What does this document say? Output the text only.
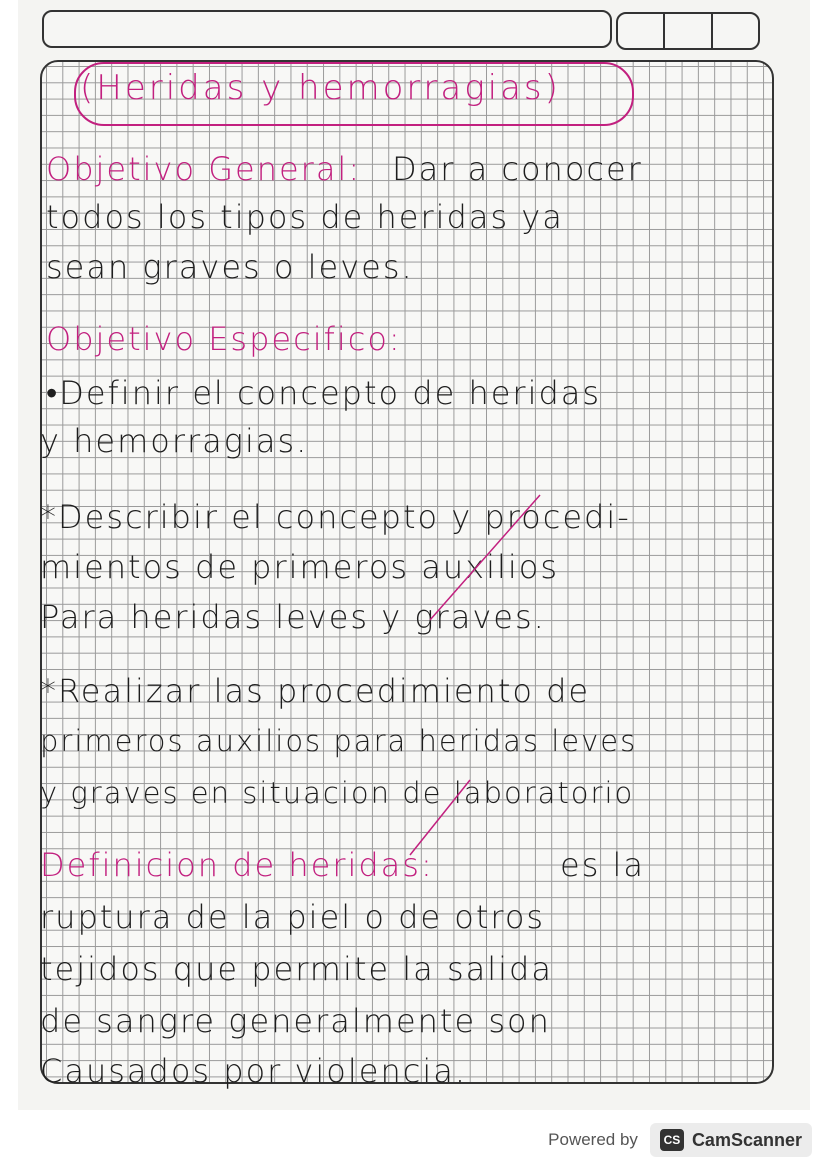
(Heridas y hemorragias)
Objetivo General: Dar a conocer
todos los tipos de heridas ya
sean graves o leves.
Objetivo Especifico:
•Definir el concepto de heridas
y hemorragias.
*Describir el concepto y procedi-
mientos de primeros auxilios
Para heridas leves y graves.
*Realizar las procedimiento de
primeros auxilios para heridas leves
y graves en situacion de laboratorio
Definicion de heridas:	es la
ruptura de la piel o de otros
tejidos que permite la salida
de sangre generalmente son
Causados por violencia.
Powered by	CS CamScanner
